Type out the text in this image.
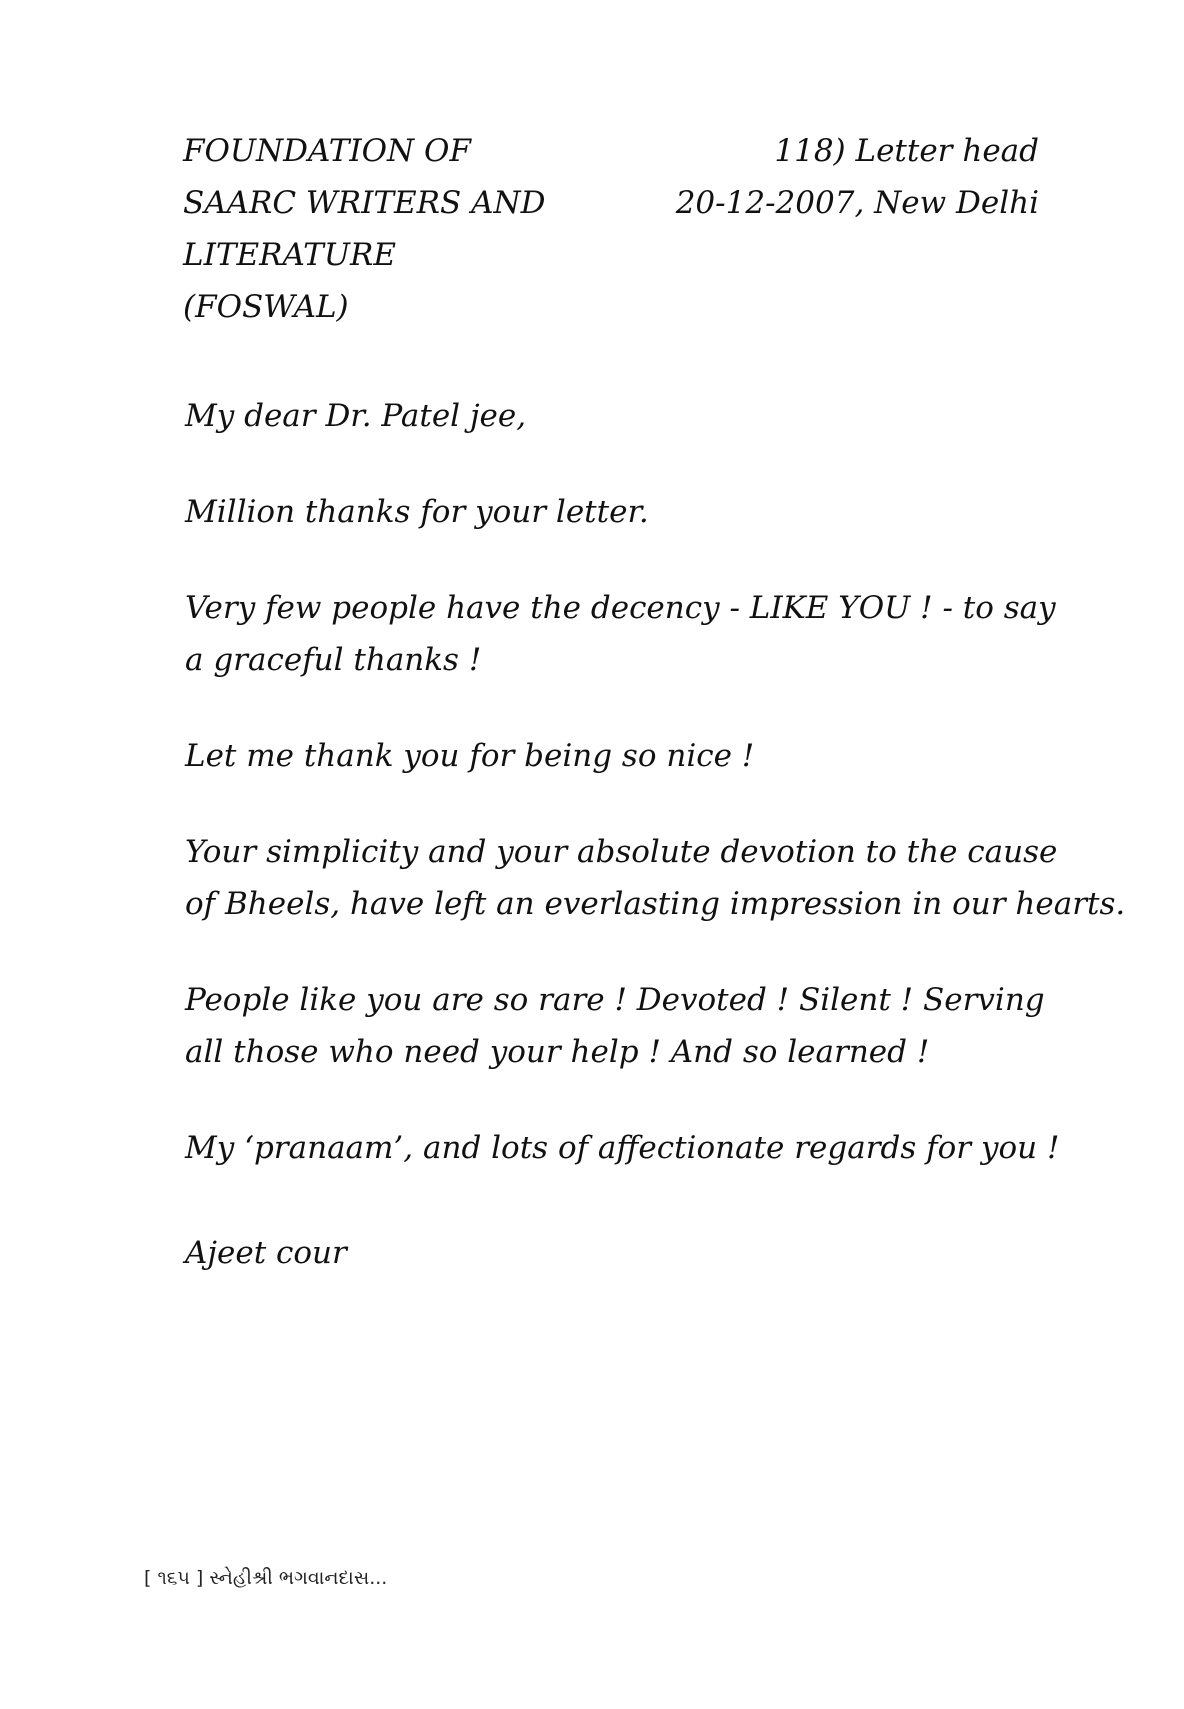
FOUNDATION OF
SAARC WRITERS AND
LITERATURE
(FOSWAL)
118) Letter head
20-12-2007, New Delhi

My dear Dr. Patel jee,

Million thanks for your letter.

Very few people have the decency - LIKE YOU ! - to say
a graceful thanks !

Let me thank you for being so nice !

Your simplicity and your absolute devotion to the cause
of Bheels, have left an everlasting impression in our hearts.

People like you are so rare ! Devoted ! Silent ! Serving
all those who need your help ! And so learned !

My ‘pranaam’, and lots of affectionate regards for you !

Ajeet cour
[ ૧૬૫ ] સ્નેહીશ્રી ભગવાનદાસ...
